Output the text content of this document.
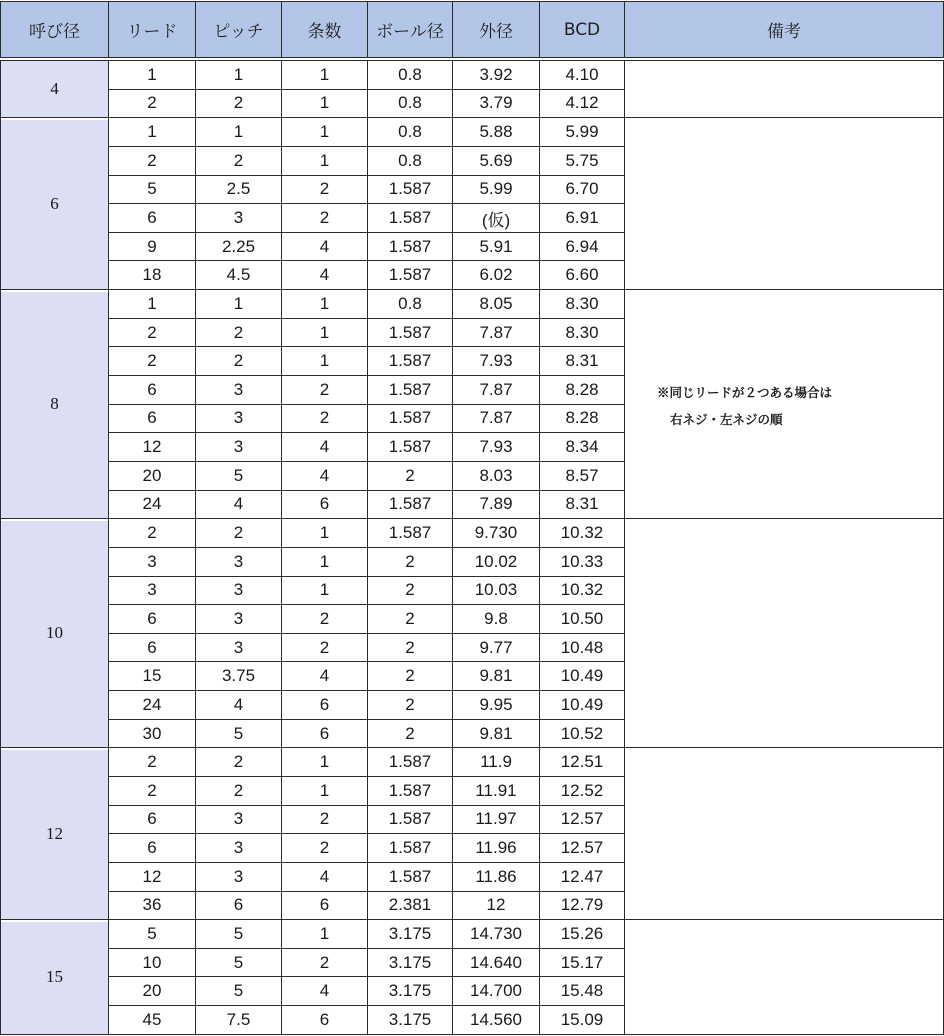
呼び径	リード	ピッチ	条数	ボール径	外径	BCD	備考
4
1	1	1	0.8	3.92	4.10
2	2	1	0.8	3.79	4.12
6
1	1	1	0.8	5.88	5.99
2	2	1	0.8	5.69	5.75
5	2.5	2	1.587	5.99	6.70
6	3	2	1.587	(仮)	6.91
9	2.25	4	1.587	5.91	6.94
18	4.5	4	1.587	6.02	6.60
8
※同じリードが２つある場合は
右ネジ・左ネジの順
1	1	1	0.8	8.05	8.30
2	2	1	1.587	7.87	8.30
2	2	1	1.587	7.93	8.31
6	3	2	1.587	7.87	8.28
6	3	2	1.587	7.87	8.28
12	3	4	1.587	7.93	8.34
20	5	4	2	8.03	8.57
24	4	6	1.587	7.89	8.31
10
2	2	1	1.587	9.730	10.32
3	3	1	2	10.02	10.33
3	3	1	2	10.03	10.32
6	3	2	2	9.8	10.50
6	3	2	2	9.77	10.48
15	3.75	4	2	9.81	10.49
24	4	6	2	9.95	10.49
30	5	6	2	9.81	10.52
12
2	2	1	1.587	11.9	12.51
2	2	1	1.587	11.91	12.52
6	3	2	1.587	11.97	12.57
6	3	2	1.587	11.96	12.57
12	3	4	1.587	11.86	12.47
36	6	6	2.381	12	12.79
15
5	5	1	3.175	14.730	15.26
10	5	2	3.175	14.640	15.17
20	5	4	3.175	14.700	15.48
45	7.5	6	3.175	14.560	15.09
